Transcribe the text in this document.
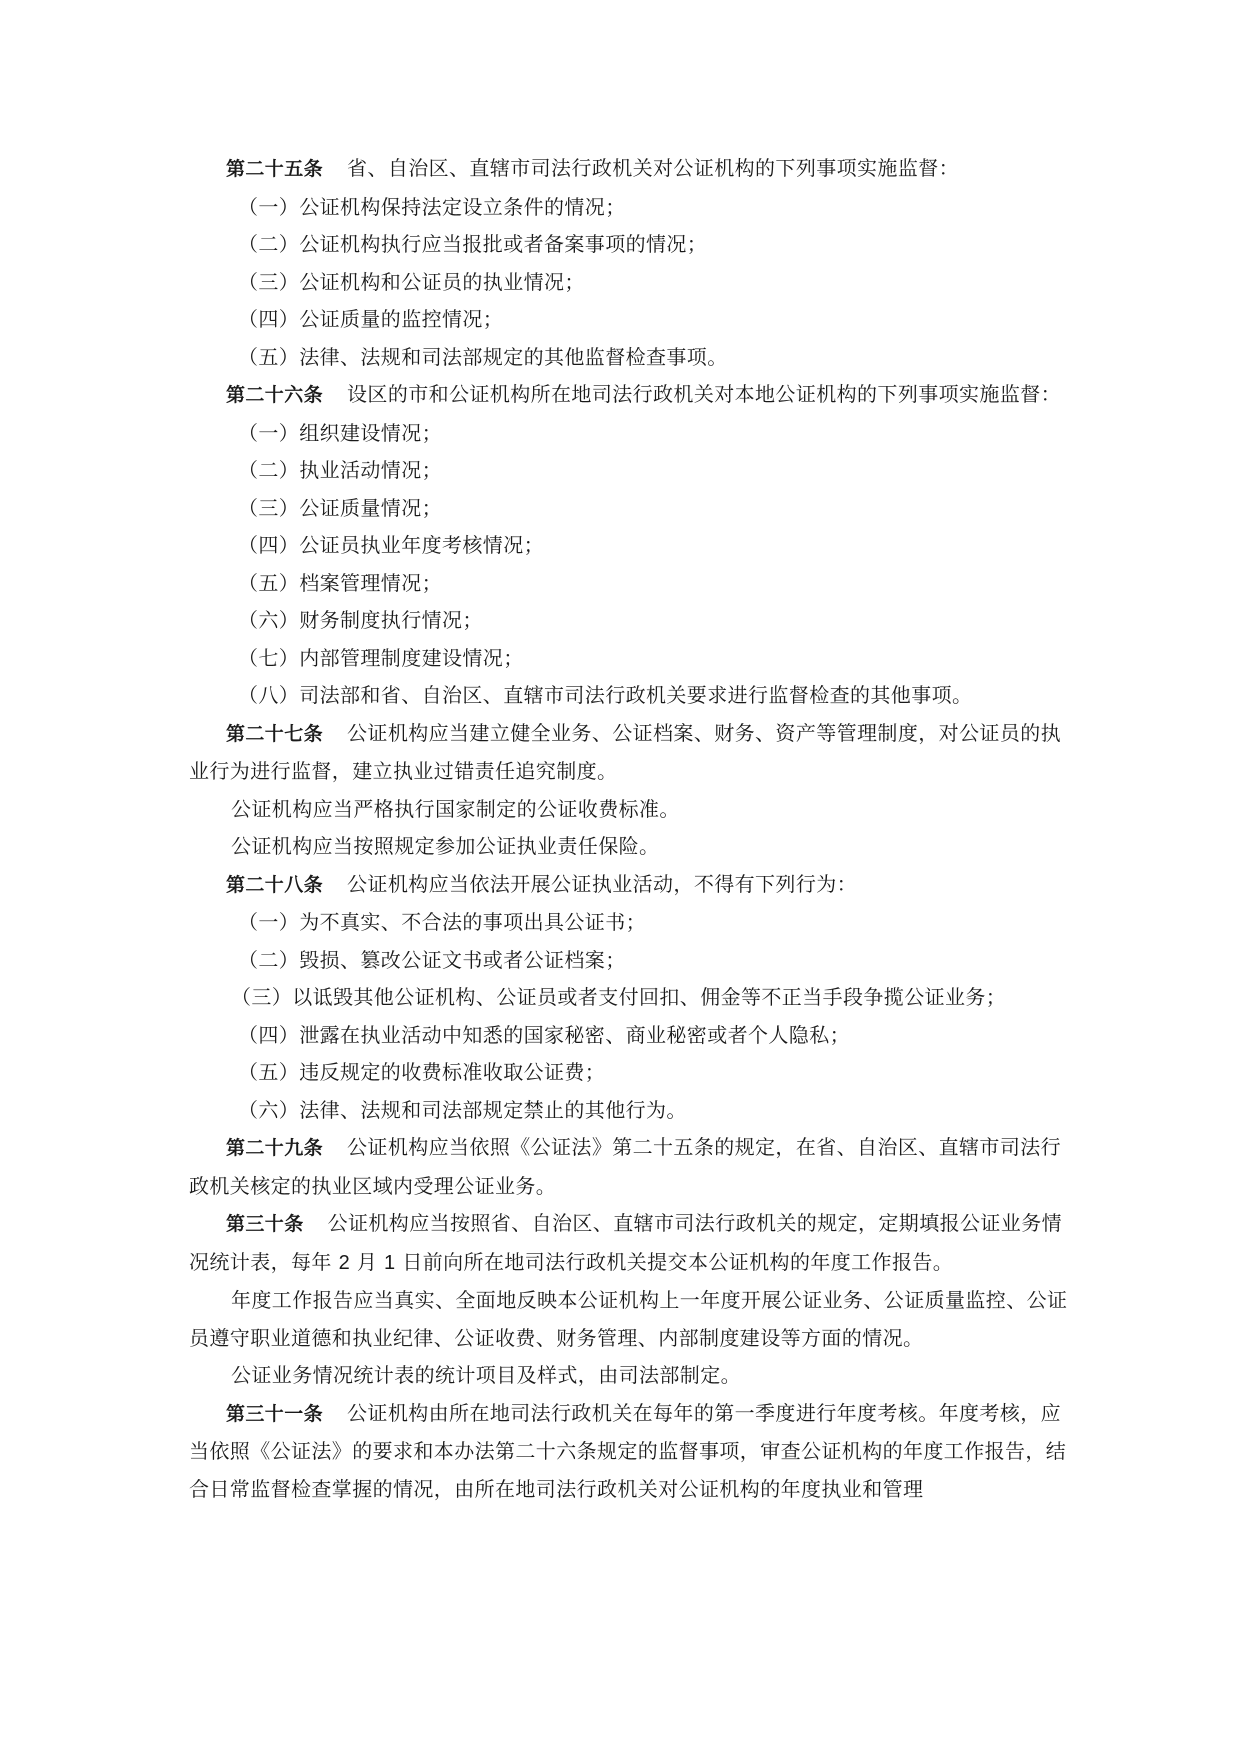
第二十五条 省、自治区、直辖市司法行政机关对公证机构的下列事项实施监督：

（一）公证机构保持法定设立条件的情况；

（二）公证机构执行应当报批或者备案事项的情况；

（三）公证机构和公证员的执业情况；

（四）公证质量的监控情况；

（五）法律、法规和司法部规定的其他监督检查事项。

第二十六条 设区的市和公证机构所在地司法行政机关对本地公证机构的下列事项实施监督：

（一）组织建设情况；

（二）执业活动情况；

（三）公证质量情况；

（四）公证员执业年度考核情况；

（五）档案管理情况；

（六）财务制度执行情况；

（七）内部管理制度建设情况；

（八）司法部和省、自治区、直辖市司法行政机关要求进行监督检查的其他事项。

第二十七条 公证机构应当建立健全业务、公证档案、财务、资产等管理制度，对公证员的执业行为进行监督，建立执业过错责任追究制度。

公证机构应当严格执行国家制定的公证收费标准。

公证机构应当按照规定参加公证执业责任保险。

第二十八条 公证机构应当依法开展公证执业活动，不得有下列行为：

（一）为不真实、不合法的事项出具公证书；

（二）毁损、篡改公证文书或者公证档案；

（三）以诋毁其他公证机构、公证员或者支付回扣、佣金等不正当手段争揽公证业务；

（四）泄露在执业活动中知悉的国家秘密、商业秘密或者个人隐私；

（五）违反规定的收费标准收取公证费；

（六）法律、法规和司法部规定禁止的其他行为。

第二十九条 公证机构应当依照《公证法》第二十五条的规定，在省、自治区、直辖市司法行政机关核定的执业区域内受理公证业务。

第三十条 公证机构应当按照省、自治区、直辖市司法行政机关的规定，定期填报公证业务情况统计表，每年 2 月 1 日前向所在地司法行政机关提交本公证机构的年度工作报告。

年度工作报告应当真实、全面地反映本公证机构上一年度开展公证业务、公证质量监控、公证员遵守职业道德和执业纪律、公证收费、财务管理、内部制度建设等方面的情况。

公证业务情况统计表的统计项目及样式，由司法部制定。

第三十一条 公证机构由所在地司法行政机关在每年的第一季度进行年度考核。年度考核，应当依照《公证法》的要求和本办法第二十六条规定的监督事项，审查公证机构的年度工作报告，结合日常监督检查掌握的情况，由所在地司法行政机关对公证机构的年度执业和管理
